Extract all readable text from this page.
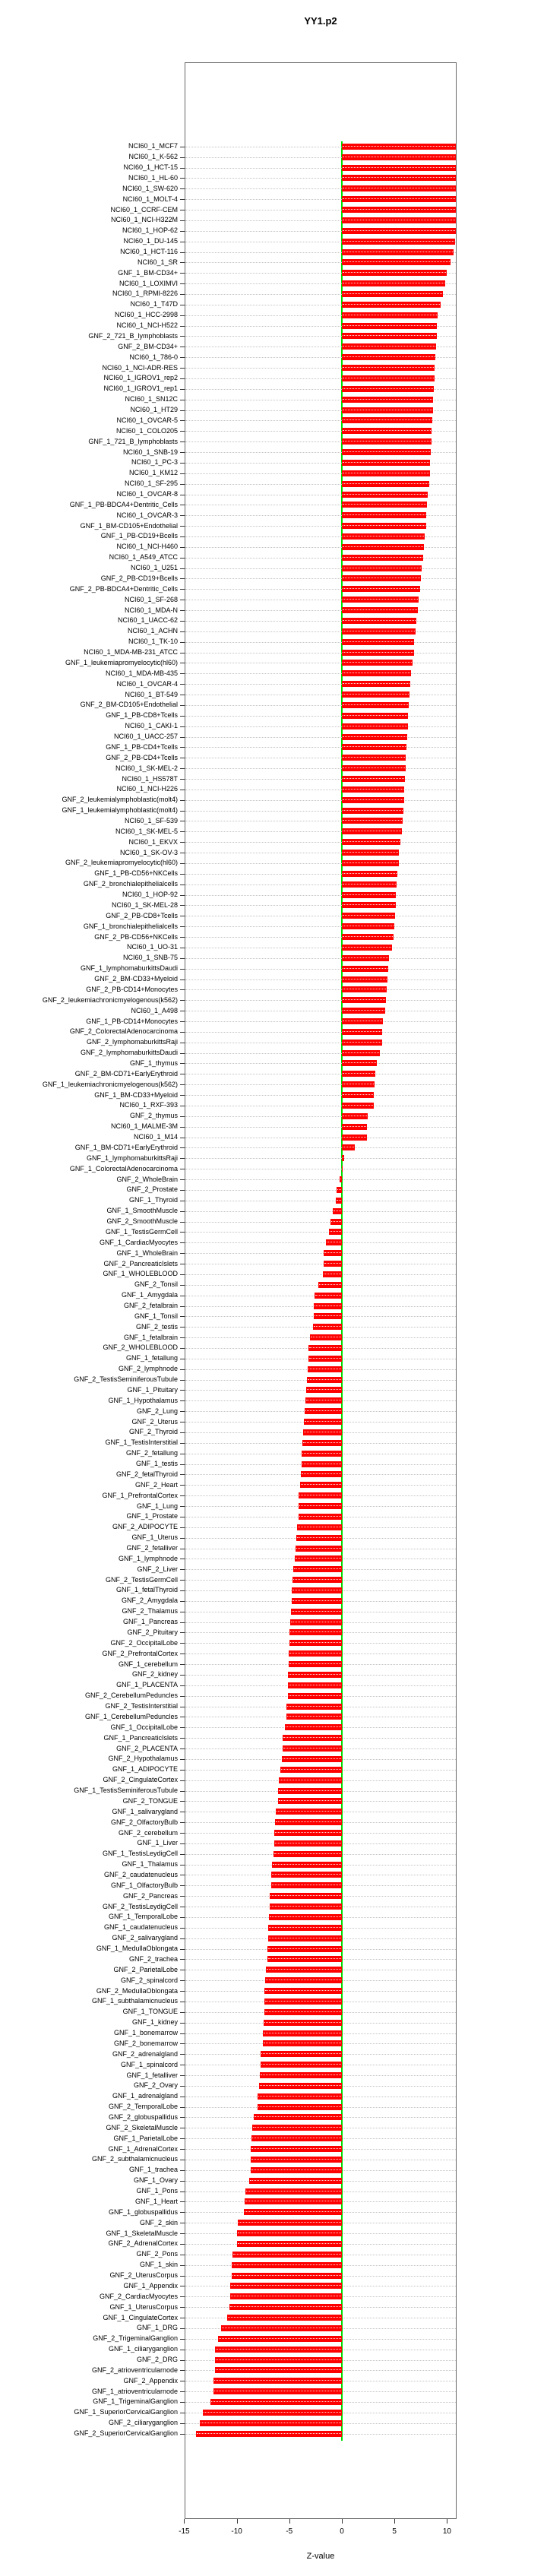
YY1.p2
NCI60_1_MCF7
NCI60_1_K-562
NCI60_1_HCT-15
NCI60_1_HL-60
NCI60_1_SW-620
NCI60_1_MOLT-4
NCI60_1_CCRF-CEM
NCI60_1_NCI-H322M
NCI60_1_HOP-62
NCI60_1_DU-145
NCI60_1_HCT-116
NCI60_1_SR
GNF_1_BM-CD34+
NCI60_1_LOXIMVI
NCI60_1_RPMI-8226
NCI60_1_T47D
NCI60_1_HCC-2998
NCI60_1_NCI-H522
GNF_2_721_B_lymphoblasts
GNF_2_BM-CD34+
NCI60_1_786-0
NCI60_1_NCI-ADR-RES
NCI60_1_IGROV1_rep2
NCI60_1_IGROV1_rep1
NCI60_1_SN12C
NCI60_1_HT29
NCI60_1_OVCAR-5
NCI60_1_COLO205
GNF_1_721_B_lymphoblasts
NCI60_1_SNB-19
NCI60_1_PC-3
NCI60_1_KM12
NCI60_1_SF-295
NCI60_1_OVCAR-8
GNF_1_PB-BDCA4+Dentritic_Cells
NCI60_1_OVCAR-3
GNF_1_BM-CD105+Endothelial
GNF_1_PB-CD19+Bcells
NCI60_1_NCI-H460
NCI60_1_A549_ATCC
NCI60_1_U251
GNF_2_PB-CD19+Bcells
GNF_2_PB-BDCA4+Dentritic_Cells
NCI60_1_SF-268
NCI60_1_MDA-N
NCI60_1_UACC-62
NCI60_1_ACHN
NCI60_1_TK-10
NCI60_1_MDA-MB-231_ATCC
GNF_1_leukemiapromyelocytic(hl60)
NCI60_1_MDA-MB-435
NCI60_1_OVCAR-4
NCI60_1_BT-549
GNF_2_BM-CD105+Endothelial
GNF_1_PB-CD8+Tcells
NCI60_1_CAKI-1
NCI60_1_UACC-257
GNF_1_PB-CD4+Tcells
GNF_2_PB-CD4+Tcells
NCI60_1_SK-MEL-2
NCI60_1_HS578T
NCI60_1_NCI-H226
GNF_2_leukemialymphoblastic(molt4)
GNF_1_leukemialymphoblastic(molt4)
NCI60_1_SF-539
NCI60_1_SK-MEL-5
NCI60_1_EKVX
NCI60_1_SK-OV-3
GNF_2_leukemiapromyelocytic(hl60)
GNF_1_PB-CD56+NKCells
GNF_2_bronchialepithelialcells
NCI60_1_HOP-92
NCI60_1_SK-MEL-28
GNF_2_PB-CD8+Tcells
GNF_1_bronchialepithelialcells
GNF_2_PB-CD56+NKCells
NCI60_1_UO-31
NCI60_1_SNB-75
GNF_1_lymphomaburkittsDaudi
GNF_2_BM-CD33+Myeloid
GNF_2_PB-CD14+Monocytes
GNF_2_leukemiachronicmyelogenous(k562)
NCI60_1_A498
GNF_1_PB-CD14+Monocytes
GNF_2_ColorectalAdenocarcinoma
GNF_2_lymphomaburkittsRaji
GNF_2_lymphomaburkittsDaudi
GNF_1_thymus
GNF_2_BM-CD71+EarlyErythroid
GNF_1_leukemiachronicmyelogenous(k562)
GNF_1_BM-CD33+Myeloid
NCI60_1_RXF-393
GNF_2_thymus
NCI60_1_MALME-3M
NCI60_1_M14
GNF_1_BM-CD71+EarlyErythroid
GNF_1_lymphomaburkittsRaji
GNF_1_ColorectalAdenocarcinoma
GNF_2_WholeBrain
GNF_2_Prostate
GNF_1_Thyroid
GNF_1_SmoothMuscle
GNF_2_SmoothMuscle
GNF_1_TestisGermCell
GNF_1_CardiacMyocytes
GNF_1_WholeBrain
GNF_2_PancreaticIslets
GNF_1_WHOLEBLOOD
GNF_2_Tonsil
GNF_1_Amygdala
GNF_2_fetalbrain
GNF_1_Tonsil
GNF_2_testis
GNF_1_fetalbrain
GNF_2_WHOLEBLOOD
GNF_1_fetallung
GNF_2_lymphnode
GNF_2_TestisSeminiferousTubule
GNF_1_Pituitary
GNF_1_Hypothalamus
GNF_2_Lung
GNF_2_Uterus
GNF_2_Thyroid
GNF_1_TestisInterstitial
GNF_2_fetallung
GNF_1_testis
GNF_2_fetalThyroid
GNF_2_Heart
GNF_1_PrefrontalCortex
GNF_1_Lung
GNF_1_Prostate
GNF_2_ADIPOCYTE
GNF_1_Uterus
GNF_2_fetalliver
GNF_1_lymphnode
GNF_2_Liver
GNF_2_TestisGermCell
GNF_1_fetalThyroid
GNF_2_Amygdala
GNF_2_Thalamus
GNF_1_Pancreas
GNF_2_Pituitary
GNF_2_OccipitalLobe
GNF_2_PrefrontalCortex
GNF_1_cerebellum
GNF_2_kidney
GNF_1_PLACENTA
GNF_2_CerebellumPeduncles
GNF_2_TestisInterstitial
GNF_1_CerebellumPeduncles
GNF_1_OccipitalLobe
GNF_1_PancreaticIslets
GNF_2_PLACENTA
GNF_2_Hypothalamus
GNF_1_ADIPOCYTE
GNF_2_CingulateCortex
GNF_1_TestisSeminiferousTubule
GNF_2_TONGUE
GNF_1_salivarygland
GNF_2_OlfactoryBulb
GNF_2_cerebellum
GNF_1_Liver
GNF_1_TestisLeydigCell
GNF_1_Thalamus
GNF_2_caudatenucleus
GNF_1_OlfactoryBulb
GNF_2_Pancreas
GNF_2_TestisLeydigCell
GNF_1_TemporalLobe
GNF_1_caudatenucleus
GNF_2_salivarygland
GNF_1_MedullaOblongata
GNF_2_trachea
GNF_2_ParietalLobe
GNF_2_spinalcord
GNF_2_MedullaOblongata
GNF_1_subthalamicnucleus
GNF_1_TONGUE
GNF_1_kidney
GNF_1_bonemarrow
GNF_2_bonemarrow
GNF_2_adrenalgland
GNF_1_spinalcord
GNF_1_fetalliver
GNF_2_Ovary
GNF_1_adrenalgland
GNF_2_TemporalLobe
GNF_2_globuspallidus
GNF_2_SkeletalMuscle
GNF_1_ParietalLobe
GNF_1_AdrenalCortex
GNF_2_subthalamicnucleus
GNF_1_trachea
GNF_1_Ovary
GNF_1_Pons
GNF_1_Heart
GNF_1_globuspallidus
GNF_2_skin
GNF_1_SkeletalMuscle
GNF_2_AdrenalCortex
GNF_2_Pons
GNF_1_skin
GNF_2_UterusCorpus
GNF_1_Appendix
GNF_2_CardiacMyocytes
GNF_1_UterusCorpus
GNF_1_CingulateCortex
GNF_1_DRG
GNF_2_TrigeminalGanglion
GNF_1_ciliaryganglion
GNF_2_DRG
GNF_2_atrioventricularnode
GNF_2_Appendix
GNF_1_atrioventricularnode
GNF_1_TrigeminalGanglion
GNF_1_SuperiorCervicalGanglion
GNF_2_ciliaryganglion
GNF_2_SuperiorCervicalGanglion
-15	-10	-5	0	5	10
Z-value
